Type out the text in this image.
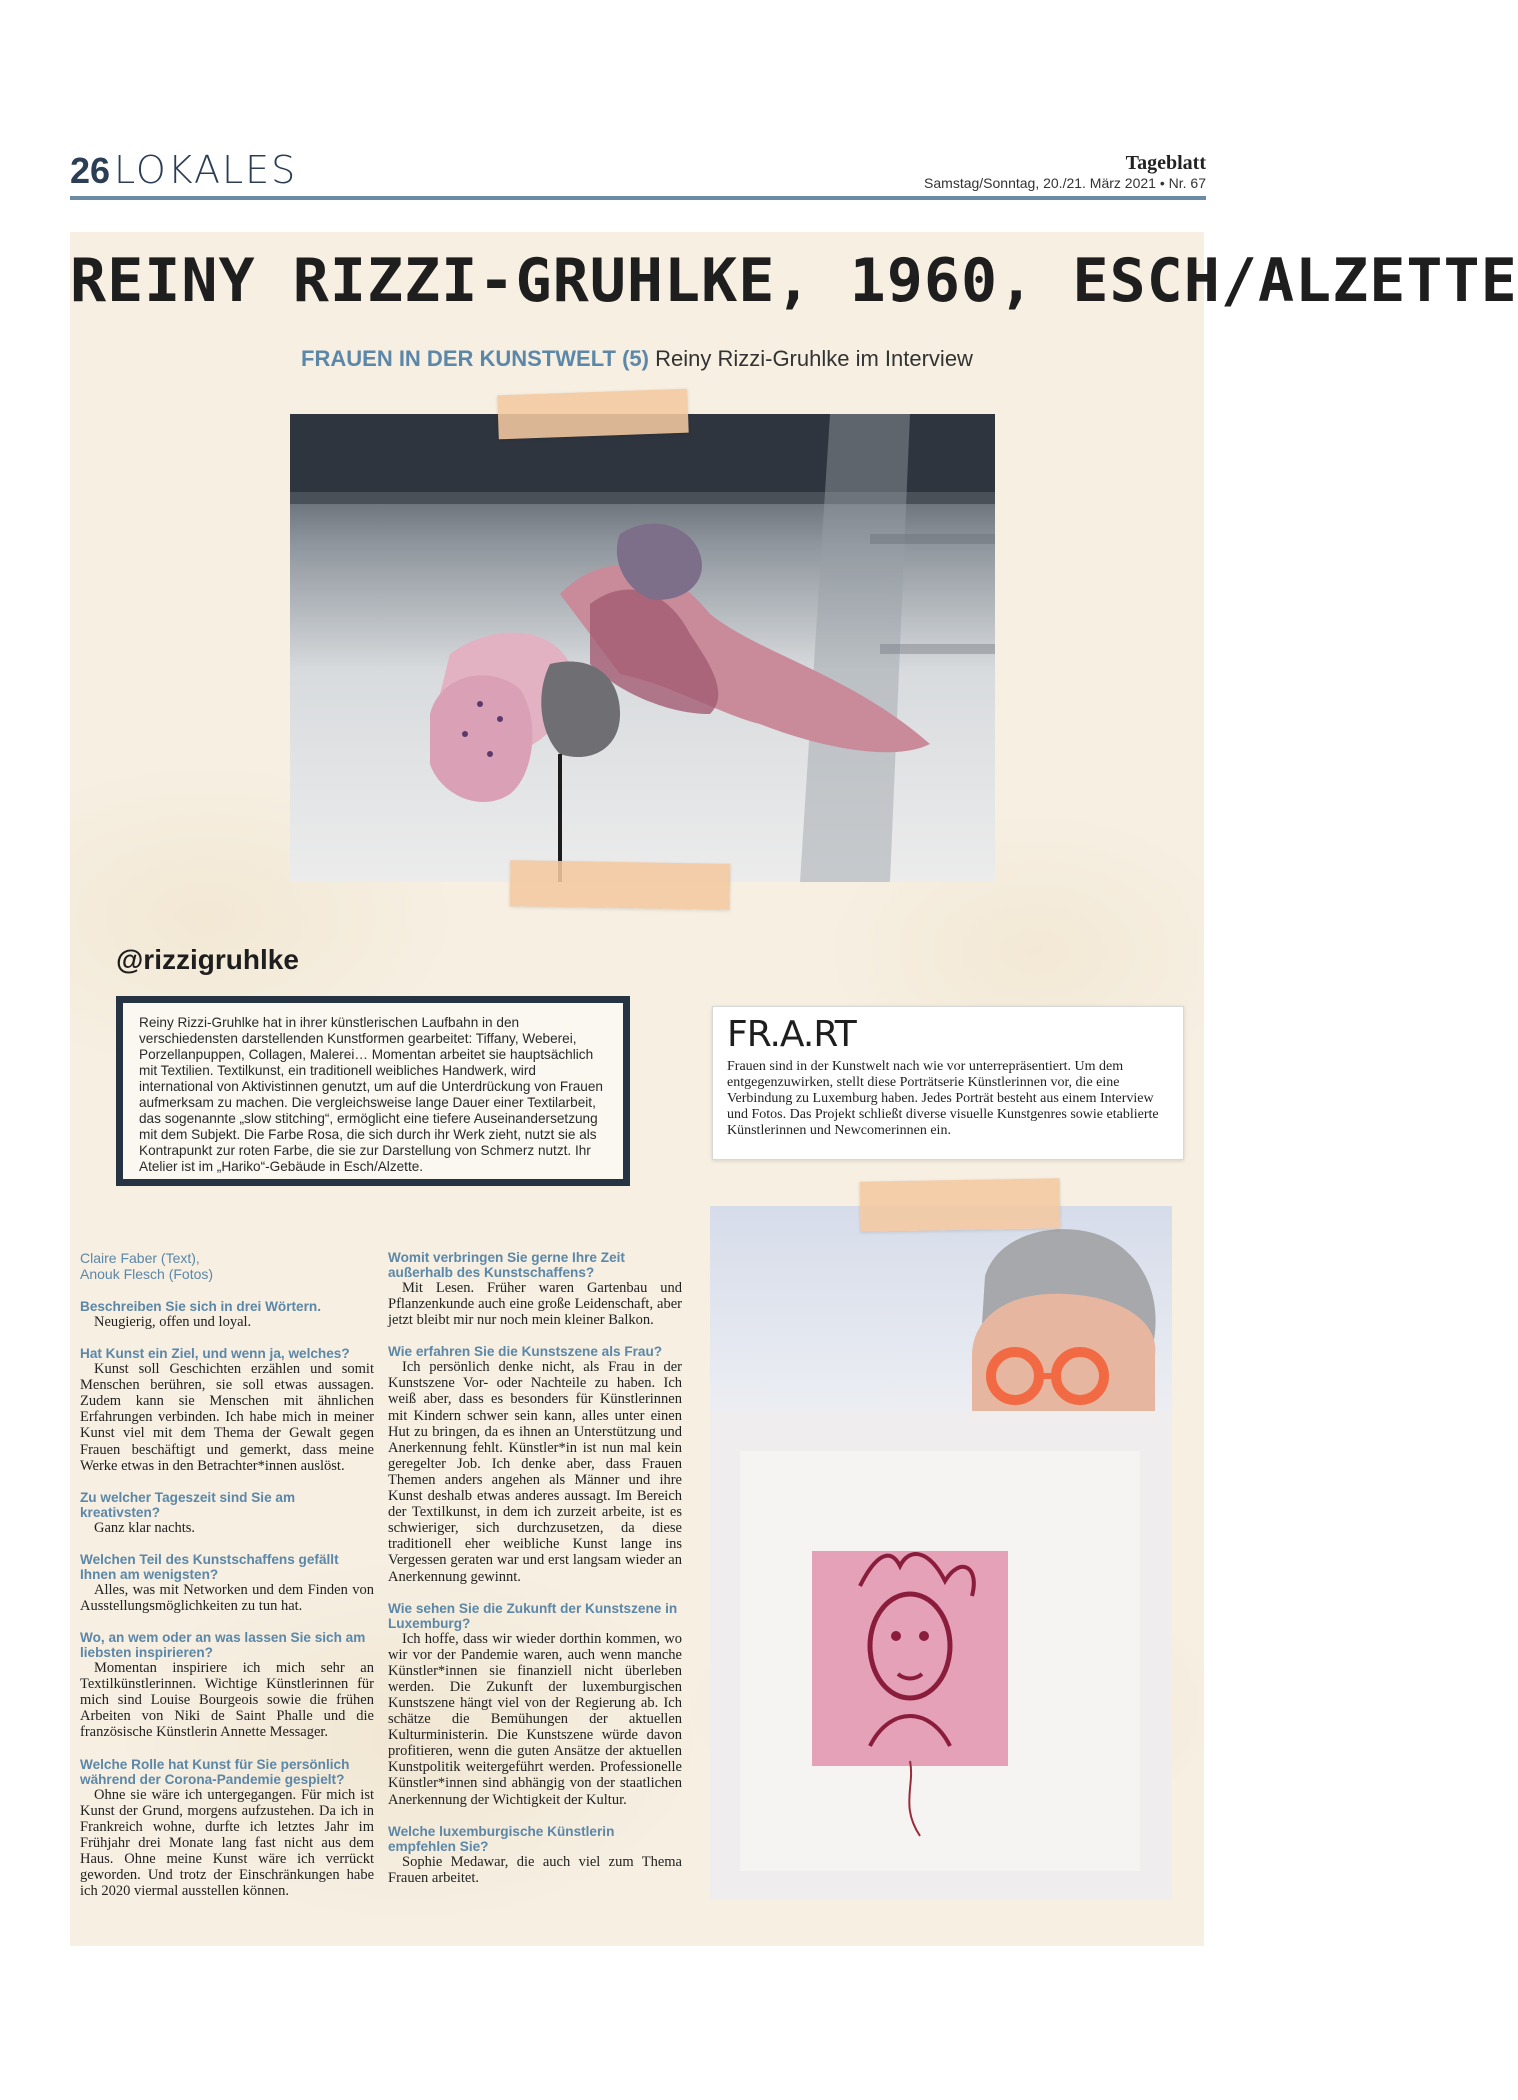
26 LOKALES	Tageblatt
Samstag/Sonntag, 20./21. März 2021 • Nr. 67
REINY RIZZI-GRUHLKE, 1960, ESCH/ALZETTE
FRAUEN IN DER KUNSTWELT (5) Reiny Rizzi-Gruhlke im Interview
@rizzigruhlke
Reiny Rizzi-Gruhlke hat in ihrer künstlerischen Laufbahn in den verschiedensten darstellenden Kunstformen gearbeitet: Tiffany, Weberei, Porzellanpuppen, Collagen, Malerei… Momentan arbeitet sie hauptsächlich mit Textilien. Textilkunst, ein traditionell weibliches Handwerk, wird international von Aktivistinnen genutzt, um auf die Unterdrückung von Frauen aufmerksam zu machen. Die vergleichsweise lange Dauer einer Textilarbeit, das sogenannte „slow stitching“, ermöglicht eine tiefere Auseinandersetzung mit dem Subjekt. Die Farbe Rosa, die sich durch ihr Werk zieht, nutzt sie als Kontrapunkt zur roten Farbe, die sie zur Darstellung von Schmerz nutzt. Ihr Atelier ist im „Hariko“-Gebäude in Esch/Alzette.
FR.A.RT
Frauen sind in der Kunstwelt nach wie vor unterrepräsentiert. Um dem entgegenzuwirken, stellt diese Porträtserie Künstlerinnen vor, die eine Verbindung zu Luxemburg haben. Jedes Porträt besteht aus einem Interview und Fotos. Das Projekt schließt diverse visuelle Kunstgenres sowie etablierte Künstlerinnen und Newcomerinnen ein.
Claire Faber (Text),
Anouk Flesch (Fotos)

Beschreiben Sie sich in drei Wörtern.

Neugierig, offen und loyal.

Hat Kunst ein Ziel, und wenn ja, welches?

Kunst soll Geschichten erzählen und somit Menschen berühren, sie soll etwas aussagen. Zudem kann sie Menschen mit ähnlichen Erfahrungen verbinden. Ich habe mich in meiner Kunst viel mit dem Thema der Gewalt gegen Frauen beschäftigt und gemerkt, dass meine Werke etwas in den Betrachter*innen auslöst.

Zu welcher Tageszeit sind Sie am kreativsten?

Ganz klar nachts.

Welchen Teil des Kunstschaffens gefällt Ihnen am wenigsten?

Alles, was mit Networken und dem Finden von Ausstellungsmöglichkeiten zu tun hat.

Wo, an wem oder an was lassen Sie sich am liebsten inspirieren?

Momentan inspiriere ich mich sehr an Textilkünstlerinnen. Wichtige Künstlerinnen für mich sind Louise Bourgeois sowie die frühen Arbeiten von Niki de Saint Phalle und die französische Künstlerin Annette Messager.

Welche Rolle hat Kunst für Sie persönlich während der Corona-Pandemie gespielt?

Ohne sie wäre ich untergegangen. Für mich ist Kunst der Grund, morgens aufzustehen. Da ich in Frankreich wohne, durfte ich letztes Jahr im Frühjahr drei Monate lang fast nicht aus dem Haus. Ohne meine Kunst wäre ich verrückt geworden. Und trotz der Einschränkungen habe ich 2020 viermal ausstellen können.

Womit verbringen Sie gerne Ihre Zeit außerhalb des Kunstschaffens?

Mit Lesen. Früher waren Gartenbau und Pflanzenkunde auch eine große Leidenschaft, aber jetzt bleibt mir nur noch mein kleiner Balkon.

Wie erfahren Sie die Kunstszene als Frau?

Ich persönlich denke nicht, als Frau in der Kunstszene Vor- oder Nachteile zu haben. Ich weiß aber, dass es besonders für Künstlerinnen mit Kindern schwer sein kann, alles unter einen Hut zu bringen, da es ihnen an Unterstützung und Anerkennung fehlt. Künstler*in ist nun mal kein geregelter Job. Ich denke aber, dass Frauen Themen anders angehen als Männer und ihre Kunst deshalb etwas anderes aussagt. Im Bereich der Textilkunst, in dem ich zurzeit arbeite, ist es schwieriger, sich durchzusetzen, da diese traditionell eher weibliche Kunst lange ins Vergessen geraten war und erst langsam wieder an Anerkennung gewinnt.

Wie sehen Sie die Zukunft der Kunstszene in Luxemburg?

Ich hoffe, dass wir wieder dorthin kommen, wo wir vor der Pandemie waren, auch wenn manche Künstler*innen sie finanziell nicht überleben werden. Die Zukunft der luxemburgischen Kunstszene hängt viel von der Regierung ab. Ich schätze die Bemühungen der aktuellen Kulturministerin. Die Kunstszene würde davon profitieren, wenn die guten Ansätze der aktuellen Kunstpolitik weitergeführt werden. Professionelle Künstler*innen sind abhängig von der staatlichen Anerkennung der Wichtigkeit der Kultur.

Welche luxemburgische Künstlerin empfehlen Sie?

Sophie Medawar, die auch viel zum Thema Frauen arbeitet.
